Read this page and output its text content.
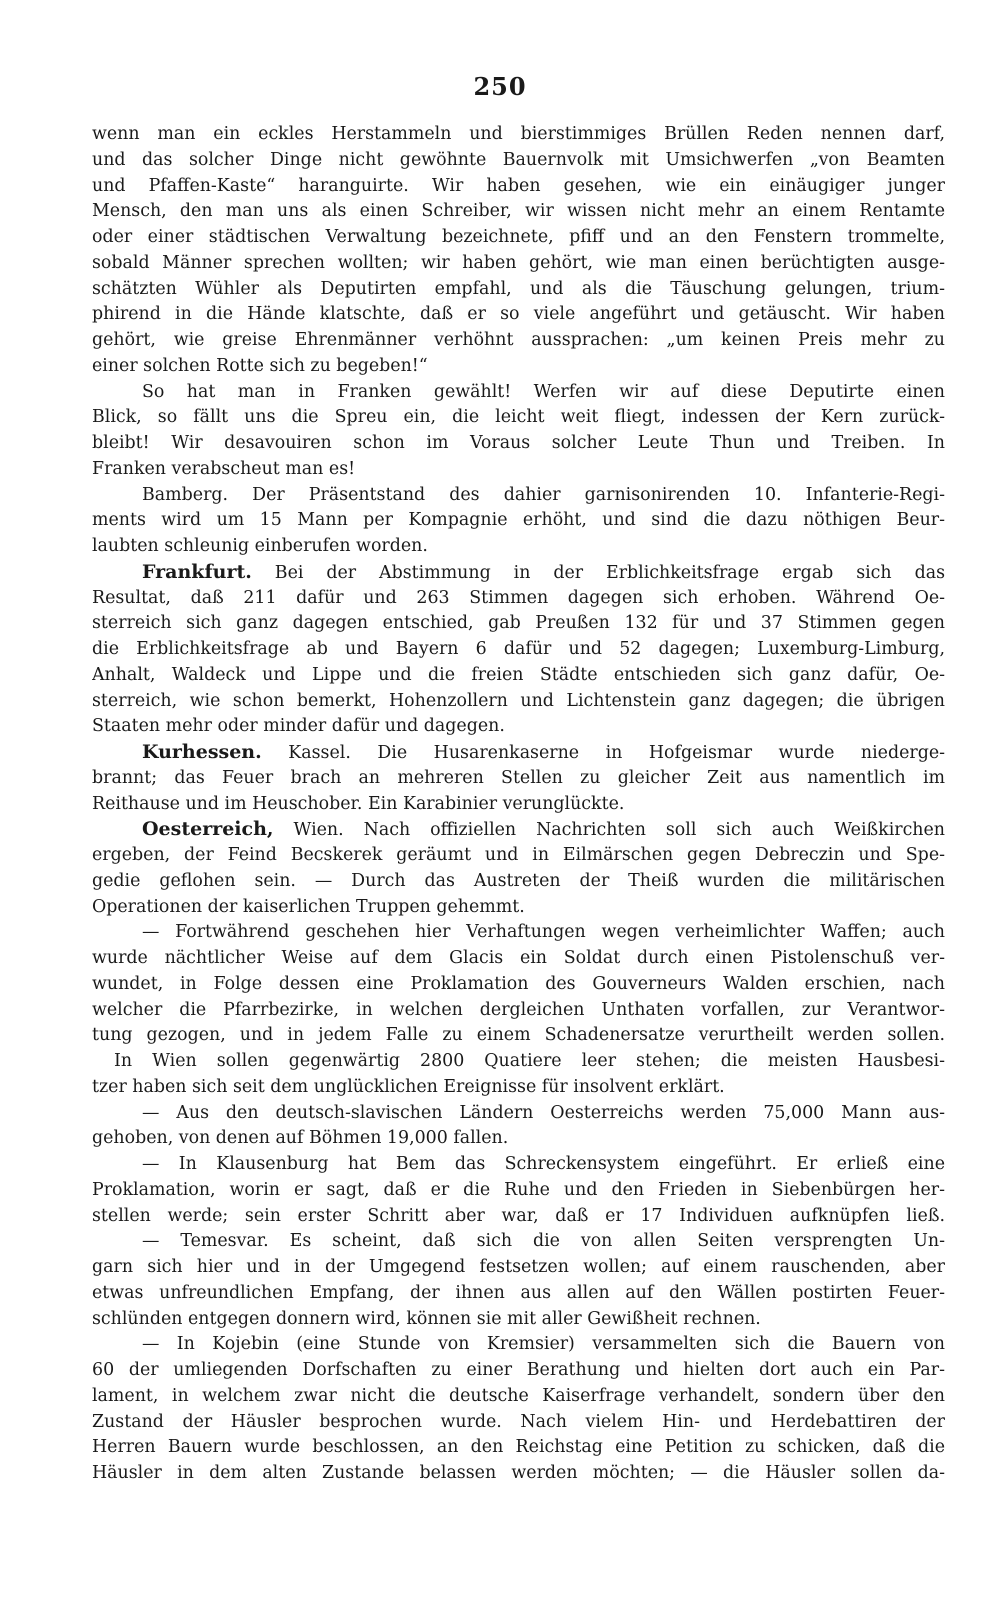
250
wenn man ein eckles Herstammeln und bierstimmiges Brüllen Reden nennen darf,
und das solcher Dinge nicht gewöhnte Bauernvolk mit Umsichwerfen „von Beamten
und Pfaffen-Kaste“ haranguirte. Wir haben gesehen, wie ein einäugiger junger
Mensch, den man uns als einen Schreiber, wir wissen nicht mehr an einem Rentamte
oder einer städtischen Verwaltung bezeichnete, pfiff und an den Fenstern trommelte,
sobald Männer sprechen wollten; wir haben gehört, wie man einen berüchtigten ausge-
schätzten Wühler als Deputirten empfahl, und als die Täuschung gelungen, trium-
phirend in die Hände klatschte, daß er so viele angeführt und getäuscht. Wir haben
gehört, wie greise Ehrenmänner verhöhnt aussprachen: „um keinen Preis mehr zu
einer solchen Rotte sich zu begeben!“
So hat man in Franken gewählt! Werfen wir auf diese Deputirte einen
Blick, so fällt uns die Spreu ein, die leicht weit fliegt, indessen der Kern zurück-
bleibt! Wir desavouiren schon im Voraus solcher Leute Thun und Treiben. In
Franken verabscheut man es!
Bamberg. Der Präsentstand des dahier garnisonirenden 10. Infanterie-Regi-
ments wird um 15 Mann per Kompagnie erhöht, und sind die dazu nöthigen Beur-
laubten schleunig einberufen worden.
Frankfurt. Bei der Abstimmung in der Erblichkeitsfrage ergab sich das
Resultat, daß 211 dafür und 263 Stimmen dagegen sich erhoben. Während Oe-
sterreich sich ganz dagegen entschied, gab Preußen 132 für und 37 Stimmen gegen
die Erblichkeitsfrage ab und Bayern 6 dafür und 52 dagegen; Luxemburg-Limburg,
Anhalt, Waldeck und Lippe und die freien Städte entschieden sich ganz dafür, Oe-
sterreich, wie schon bemerkt, Hohenzollern und Lichtenstein ganz dagegen; die übrigen
Staaten mehr oder minder dafür und dagegen.
Kurhessen. Kassel. Die Husarenkaserne in Hofgeismar wurde niederge-
brannt; das Feuer brach an mehreren Stellen zu gleicher Zeit aus namentlich im
Reithause und im Heuschober. Ein Karabinier verunglückte.
Oesterreich, Wien. Nach offiziellen Nachrichten soll sich auch Weißkirchen
ergeben, der Feind Becskerek geräumt und in Eilmärschen gegen Debreczin und Spe-
gedie geflohen sein. — Durch das Austreten der Theiß wurden die militärischen
Operationen der kaiserlichen Truppen gehemmt.
— Fortwährend geschehen hier Verhaftungen wegen verheimlichter Waffen; auch
wurde nächtlicher Weise auf dem Glacis ein Soldat durch einen Pistolenschuß ver-
wundet, in Folge dessen eine Proklamation des Gouverneurs Walden erschien, nach
welcher die Pfarrbezirke, in welchen dergleichen Unthaten vorfallen, zur Verantwor-
tung gezogen, und in jedem Falle zu einem Schadenersatze verurtheilt werden sollen.
In Wien sollen gegenwärtig 2800 Quatiere leer stehen; die meisten Hausbesi-
tzer haben sich seit dem unglücklichen Ereignisse für insolvent erklärt.
— Aus den deutsch-slavischen Ländern Oesterreichs werden 75,000 Mann aus-
gehoben, von denen auf Böhmen 19,000 fallen.
— In Klausenburg hat Bem das Schreckensystem eingeführt. Er erließ eine
Proklamation, worin er sagt, daß er die Ruhe und den Frieden in Siebenbürgen her-
stellen werde; sein erster Schritt aber war, daß er 17 Individuen aufknüpfen ließ.
— Temesvar. Es scheint, daß sich die von allen Seiten versprengten Un-
garn sich hier und in der Umgegend festsetzen wollen; auf einem rauschenden, aber
etwas unfreundlichen Empfang, der ihnen aus allen auf den Wällen postirten Feuer-
schlünden entgegen donnern wird, können sie mit aller Gewißheit rechnen.
— In Kojebin (eine Stunde von Kremsier) versammelten sich die Bauern von
60 der umliegenden Dorfschaften zu einer Berathung und hielten dort auch ein Par-
lament, in welchem zwar nicht die deutsche Kaiserfrage verhandelt, sondern über den
Zustand der Häusler besprochen wurde. Nach vielem Hin- und Herdebattiren der
Herren Bauern wurde beschlossen, an den Reichstag eine Petition zu schicken, daß die
Häusler in dem alten Zustande belassen werden möchten; — die Häusler sollen da-
